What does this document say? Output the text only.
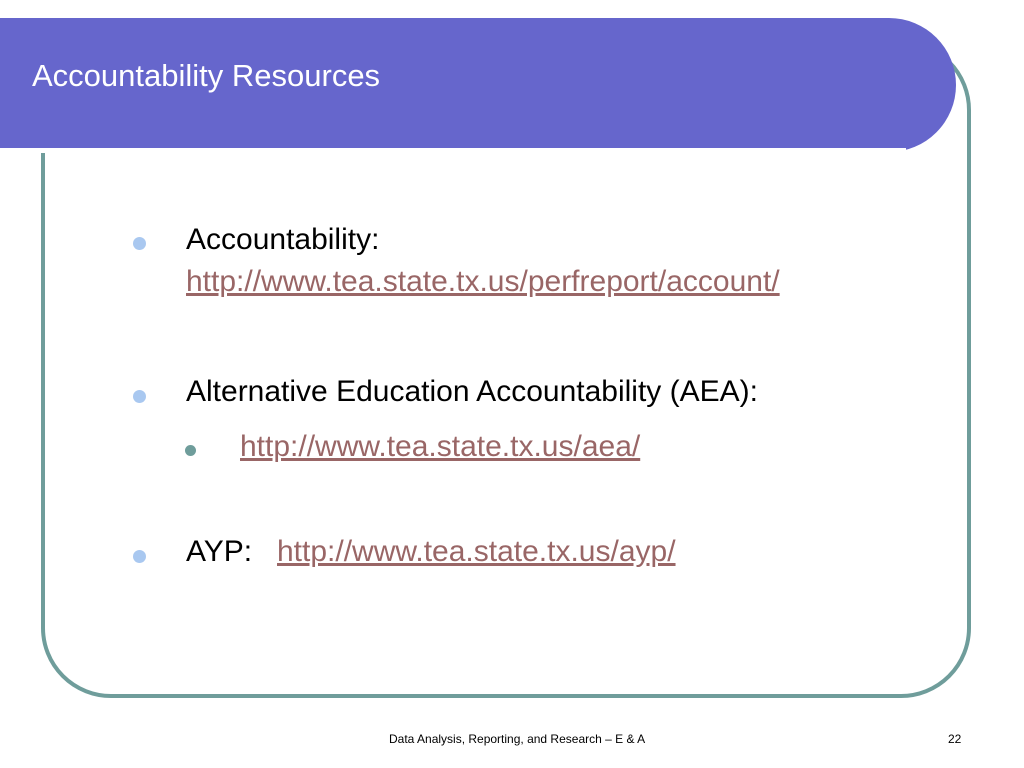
Accountability Resources
Accountability:
http://www.tea.state.tx.us/perfreport/account/
Alternative Education Accountability (AEA):
http://www.tea.state.tx.us/aea/
AYP: http://www.tea.state.tx.us/ayp/
Data Analysis, Reporting, and Research – E & A	22
